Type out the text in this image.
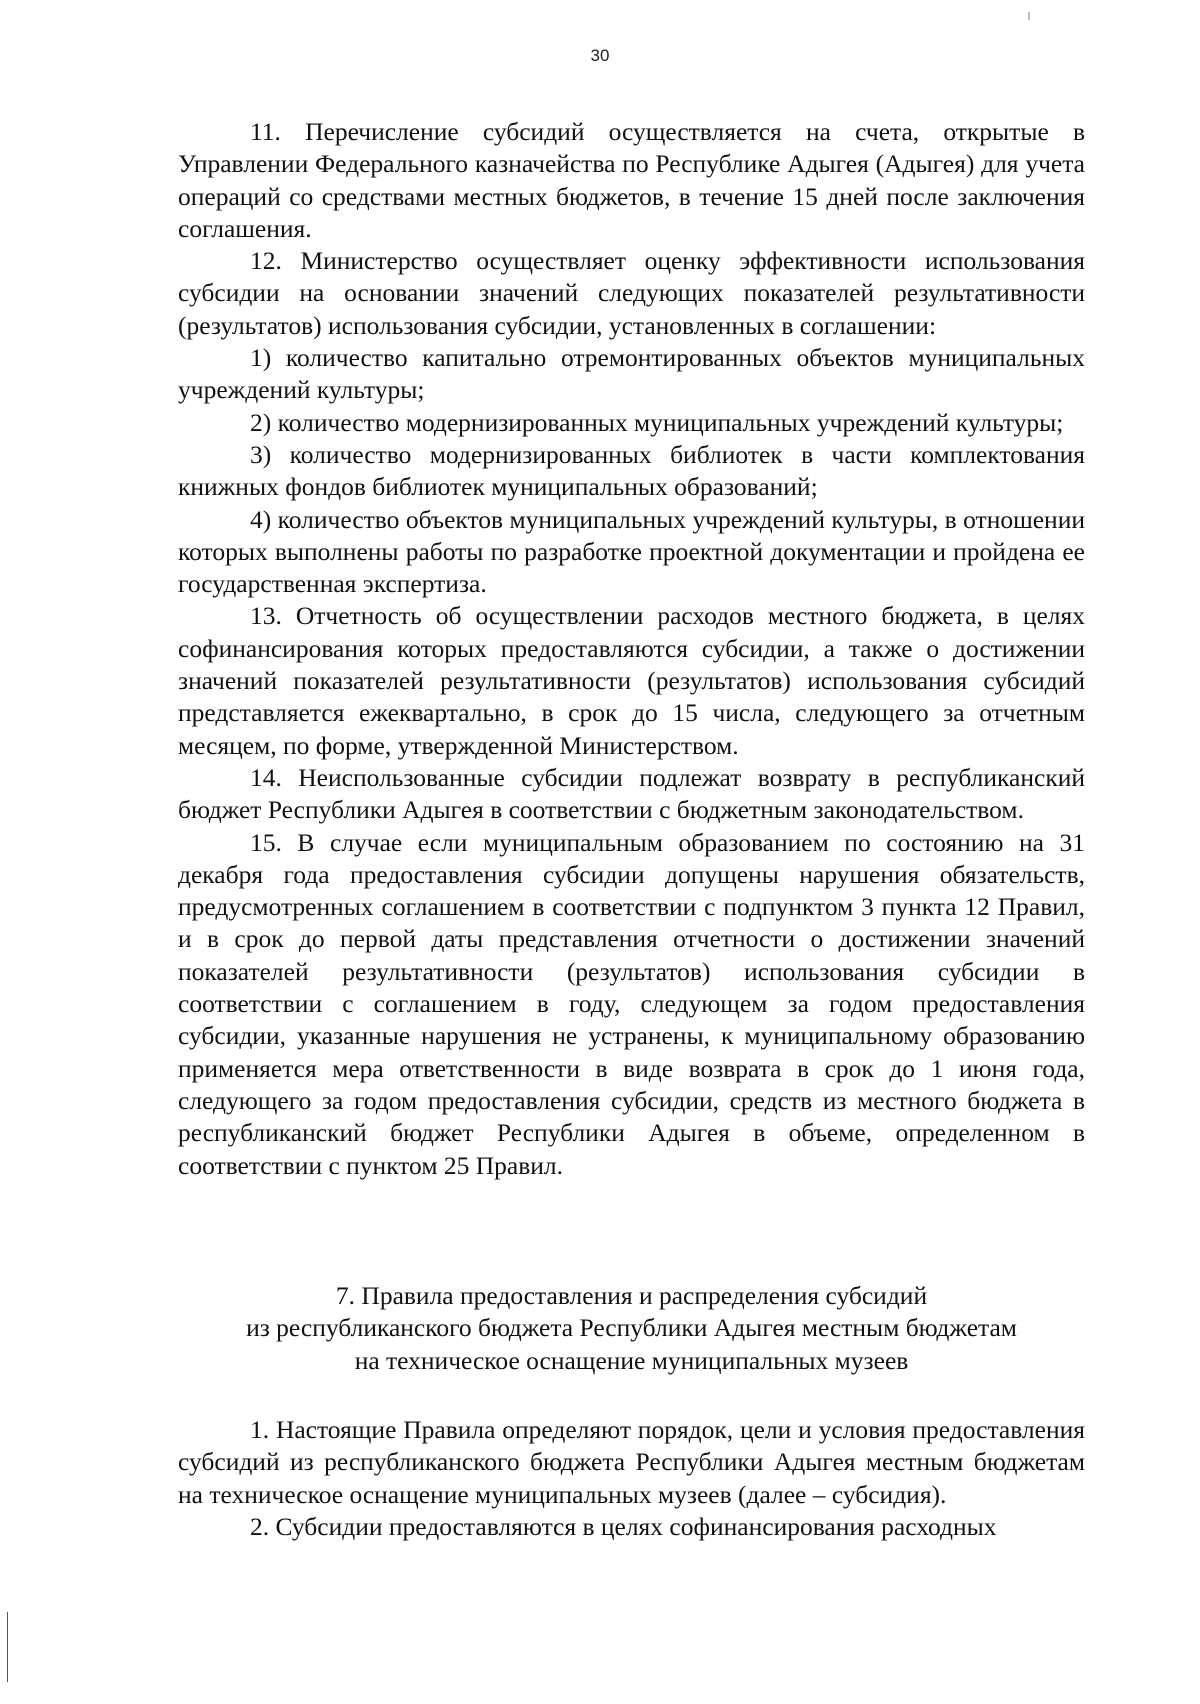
30

11. Перечисление субсидий осуществляется на счета, открытые в Управлении Федерального казначейства по Республике Адыгея (Адыгея) для учета операций со средствами местных бюджетов, в течение 15 дней после заключения соглашения.

12. Министерство осуществляет оценку эффективности использования субсидии на основании значений следующих показателей результативности (результатов) использования субсидии, установленных в соглашении:

1) количество капитально отремонтированных объектов муниципальных учреждений культуры;

2) количество модернизированных муниципальных учреждений культуры;

3) количество модернизированных библиотек в части комплектования книжных фондов библиотек муниципальных образований;

4) количество объектов муниципальных учреждений культуры, в отношении которых выполнены работы по разработке проектной документации и пройдена ее государственная экспертиза.

13. Отчетность об осуществлении расходов местного бюджета, в целях софинансирования которых предоставляются субсидии, а также о достижении значений показателей результативности (результатов) использования субсидий представляется ежеквартально, в срок до 15 числа, следующего за отчетным месяцем, по форме, утвержденной Министерством.

14. Неиспользованные субсидии подлежат возврату в республиканский бюджет Республики Адыгея в соответствии с бюджетным законодательством.

15. В случае если муниципальным образованием по состоянию на 31 декабря года предоставления субсидии допущены нарушения обязательств, предусмотренных соглашением в соответствии с подпунктом 3 пункта 12 Правил, и в срок до первой даты представления отчетности о достижении значений показателей результативности (результатов) использования субсидии в соответствии с соглашением в году, следующем за годом предоставления субсидии, указанные нарушения не устранены, к муниципальному образованию применяется мера ответственности в виде возврата в срок до 1 июня года, следующего за годом предоставления субсидии, средств из местного бюджета в республиканский бюджет Республики Адыгея в объеме, определенном в соответствии с пунктом 25 Правил.

7. Правила предоставления и распределения субсидий
из республиканского бюджета Республики Адыгея местным бюджетам
на техническое оснащение муниципальных музеев

1. Настоящие Правила определяют порядок, цели и условия предоставления субсидий из республиканского бюджета Республики Адыгея местным бюджетам на техническое оснащение муниципальных музеев (далее – субсидия).

2. Субсидии предоставляются в целях софинансирования расходных
